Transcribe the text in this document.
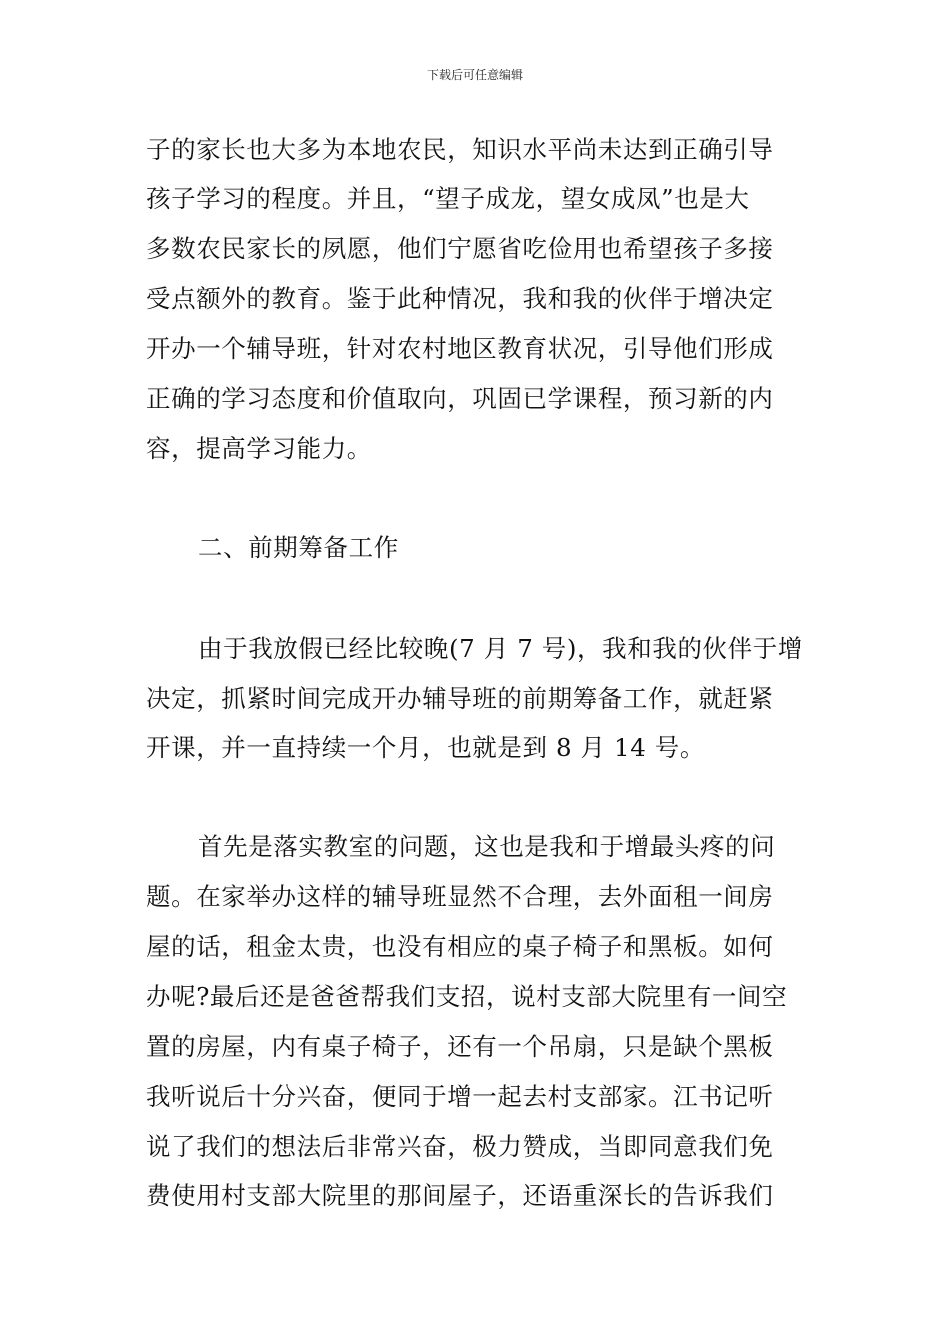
下载后可任意编辑
子的家长也大多为本地农民，知识水平尚未达到正确引导
孩子学习的程度。并且，“望子成龙，望女成凤”也是大
多数农民家长的夙愿，他们宁愿省吃俭用也希望孩子多接
受点额外的教育。鉴于此种情况，我和我的伙伴于增决定
开办一个辅导班，针对农村地区教育状况，引导他们形成
正确的学习态度和价值取向，巩固已学课程，预习新的内
容，提高学习能力。
二、前期筹备工作
由于我放假已经比较晚(7 月 7 号)，我和我的伙伴于增
决定，抓紧时间完成开办辅导班的前期筹备工作，就赶紧
开课，并一直持续一个月，也就是到 8 月 14 号。
首先是落实教室的问题，这也是我和于增最头疼的问
题。在家举办这样的辅导班显然不合理，去外面租一间房
屋的话，租金太贵，也没有相应的桌子椅子和黑板。如何
办呢?最后还是爸爸帮我们支招，说村支部大院里有一间空
置的房屋，内有桌子椅子，还有一个吊扇，只是缺个黑板
我听说后十分兴奋，便同于增一起去村支部家。江书记听
说了我们的想法后非常兴奋，极力赞成，当即同意我们免
费使用村支部大院里的那间屋子，还语重深长的告诉我们
